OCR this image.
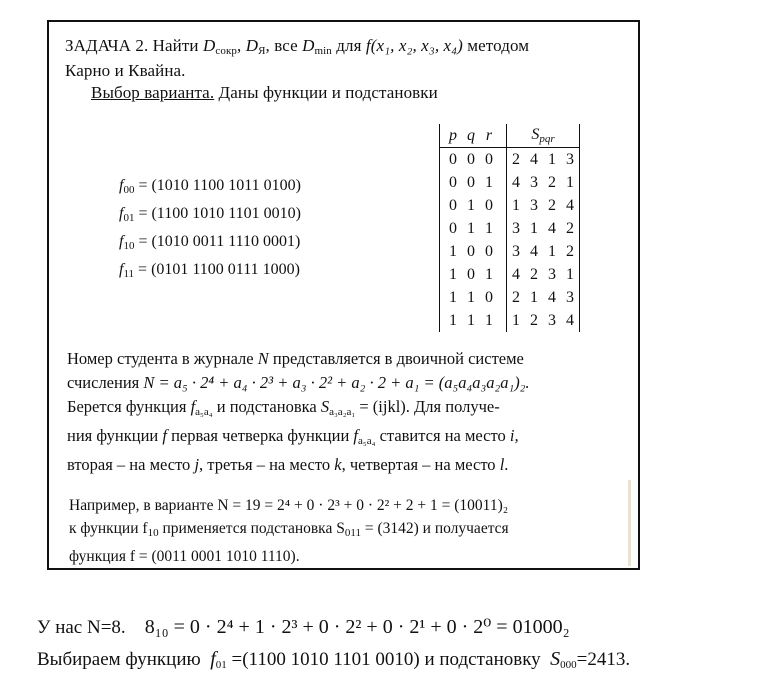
ЗАДАЧА 2. Найти $D_{сокр}$, $D_Я$, все $D_{min}$ для f(x₁, x₂, x₃, x₄) методом
Карно и Квайна.
Выбор варианта. Даны функции и подстановки
$f_{00} = (1010$ 1100 1011 0100)
$f_{01} = (1100$ 1010 1101 0010)
$f_{10} = (1010$ 0011 1110 0001)
$f_{11} = (0101$ 1100 0111 1000)
	p	q	r		$S_{pqr}$
	0	0	0		2	4	1	3
	0	0	1		4	3	2	1
	0	1	0		1	3	2	4
	0	1	1		3	1	4	2
	1	0	0		3	4	1	2
	1	0	1		4	2	3	1
	1	1	0		2	1	4	3
	1	1	1		1	2	3	4
Номер студента в журнале N представляется в двоичной системе
счисления N = a₅ · 2⁴ + a₄ · 2³ + a₃ · 2² + a₂ · 2 + a₁ = (a₅a₄a₃a₂a₁)₂.
Берется функция $f_{a_5a_4}$ и подстановка $S_{a_3a_2a_1}$ = (ijkl). Для получе-
ния функции f первая четверка функции $f_{a_5a_4}$ ставится на место i,
вторая – на место j, третья – на место k, четвертая – на место l.
Например, в варианте N = 19 = 2⁴ + 0 · 2³ + 0 · 2² + 2 + 1 = (10011)₂
к функции $f_{10}$ применяется подстановка $S_{011} = (3142)$ и получается
функция f = (0011 0001 1010 1110).
У нас N=8. 8₁₀ = 0 · 2⁴ + 1 · 2³ + 0 · 2² + 0 · 2¹ + 0 · 2⁰ = 01000₂
Выбираем функцию  $f_{01} =(1100$ 1010 1101 0010) и подстановку  $S_{000}=2413$.
